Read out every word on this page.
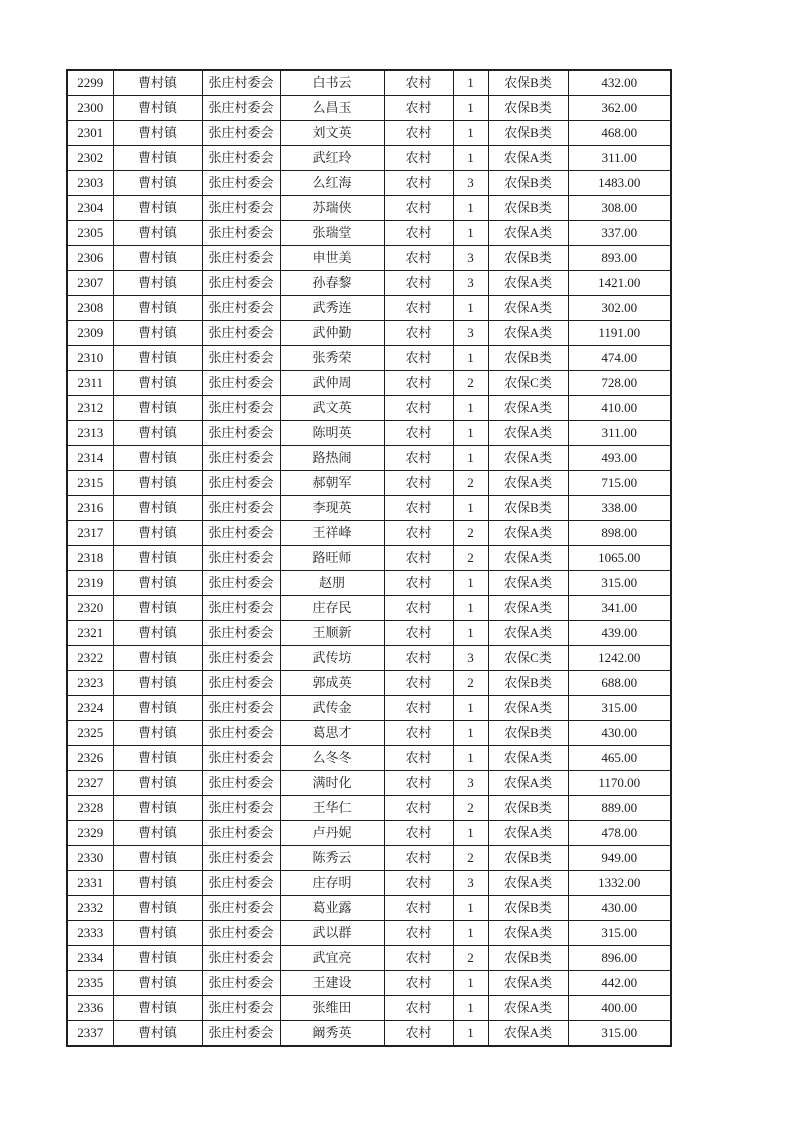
2299	曹村镇	张庄村委会	白书云	农村	1	农保B类	432.00
2300	曹村镇	张庄村委会	么昌玉	农村	1	农保B类	362.00
2301	曹村镇	张庄村委会	刘文英	农村	1	农保B类	468.00
2302	曹村镇	张庄村委会	武红玲	农村	1	农保A类	311.00
2303	曹村镇	张庄村委会	么红海	农村	3	农保B类	1483.00
2304	曹村镇	张庄村委会	苏瑞侠	农村	1	农保B类	308.00
2305	曹村镇	张庄村委会	张瑞堂	农村	1	农保A类	337.00
2306	曹村镇	张庄村委会	申世美	农村	3	农保B类	893.00
2307	曹村镇	张庄村委会	孙春黎	农村	3	农保A类	1421.00
2308	曹村镇	张庄村委会	武秀连	农村	1	农保A类	302.00
2309	曹村镇	张庄村委会	武仲勤	农村	3	农保A类	1191.00
2310	曹村镇	张庄村委会	张秀荣	农村	1	农保B类	474.00
2311	曹村镇	张庄村委会	武仲周	农村	2	农保C类	728.00
2312	曹村镇	张庄村委会	武文英	农村	1	农保A类	410.00
2313	曹村镇	张庄村委会	陈明英	农村	1	农保A类	311.00
2314	曹村镇	张庄村委会	路热闹	农村	1	农保A类	493.00
2315	曹村镇	张庄村委会	郝朝军	农村	2	农保A类	715.00
2316	曹村镇	张庄村委会	李现英	农村	1	农保B类	338.00
2317	曹村镇	张庄村委会	王祥峰	农村	2	农保A类	898.00
2318	曹村镇	张庄村委会	路旺师	农村	2	农保A类	1065.00
2319	曹村镇	张庄村委会	赵朋	农村	1	农保A类	315.00
2320	曹村镇	张庄村委会	庄存民	农村	1	农保A类	341.00
2321	曹村镇	张庄村委会	王顺新	农村	1	农保A类	439.00
2322	曹村镇	张庄村委会	武传坊	农村	3	农保C类	1242.00
2323	曹村镇	张庄村委会	郭成英	农村	2	农保B类	688.00
2324	曹村镇	张庄村委会	武传金	农村	1	农保A类	315.00
2325	曹村镇	张庄村委会	葛思才	农村	1	农保B类	430.00
2326	曹村镇	张庄村委会	么冬冬	农村	1	农保A类	465.00
2327	曹村镇	张庄村委会	满时化	农村	3	农保A类	1170.00
2328	曹村镇	张庄村委会	王华仁	农村	2	农保B类	889.00
2329	曹村镇	张庄村委会	卢丹妮	农村	1	农保A类	478.00
2330	曹村镇	张庄村委会	陈秀云	农村	2	农保B类	949.00
2331	曹村镇	张庄村委会	庄存明	农村	3	农保A类	1332.00
2332	曹村镇	张庄村委会	葛业露	农村	1	农保B类	430.00
2333	曹村镇	张庄村委会	武以群	农村	1	农保A类	315.00
2334	曹村镇	张庄村委会	武宜亮	农村	2	农保B类	896.00
2335	曹村镇	张庄村委会	王建设	农村	1	农保A类	442.00
2336	曹村镇	张庄村委会	张维田	农村	1	农保A类	400.00
2337	曹村镇	张庄村委会	阚秀英	农村	1	农保A类	315.00
